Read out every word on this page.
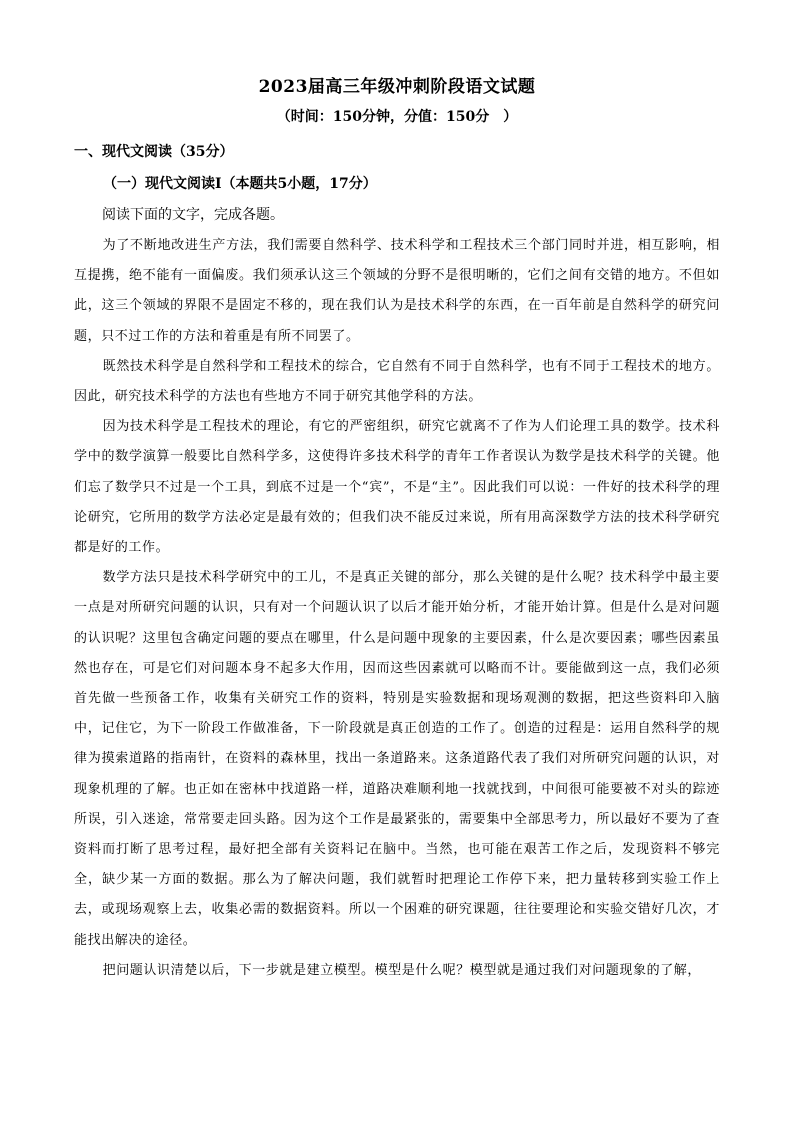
2023届高三年级冲刺阶段语文试题
（时间：150分钟，分值：150分　）
一、现代文阅读（35分）
（一）现代文阅读Ⅰ（本题共5小题，17分）
阅读下面的文字，完成各题。

为了不断地改进生产方法，我们需要自然科学、技术科学和工程技术三个部门同时并进，相互影响，相互提携，绝不能有一面偏废。我们须承认这三个领域的分野不是很明晰的，它们之间有交错的地方。不但如此，这三个领域的界限不是固定不移的，现在我们认为是技术科学的东西，在一百年前是自然科学的研究问题，只不过工作的方法和着重是有所不同罢了。

既然技术科学是自然科学和工程技术的综合，它自然有不同于自然科学，也有不同于工程技术的地方。因此，研究技术科学的方法也有些地方不同于研究其他学科的方法。

因为技术科学是工程技术的理论，有它的严密组织，研究它就离不了作为人们论理工具的数学。技术科学中的数学演算一般要比自然科学多，这使得许多技术科学的青年工作者误认为数学是技术科学的关键。他们忘了数学只不过是一个工具，到底不过是一个“宾”，不是“主”。因此我们可以说：一件好的技术科学的理论研究，它所用的数学方法必定是最有效的；但我们决不能反过来说，所有用高深数学方法的技术科学研究都是好的工作。

数学方法只是技术科学研究中的工儿，不是真正关键的部分，那么关键的是什么呢？技术科学中最主要一点是对所研究问题的认识，只有对一个问题认识了以后才能开始分析，才能开始计算。但是什么是对问题的认识呢？这里包含确定问题的要点在哪里，什么是问题中现象的主要因素，什么是次要因素；哪些因素虽然也存在，可是它们对问题本身不起多大作用，因而这些因素就可以略而不计。要能做到这一点，我们必须首先做一些预备工作，收集有关研究工作的资料，特别是实验数据和现场观测的数据，把这些资料印入脑中，记住它，为下一阶段工作做准备，下一阶段就是真正创造的工作了。创造的过程是：运用自然科学的规律为摸索道路的指南针，在资料的森林里，找出一条道路来。这条道路代表了我们对所研究问题的认识，对现象机理的了解。也正如在密林中找道路一样，道路决难顺利地一找就找到，中间很可能要被不对头的踪迹所误，引入迷途，常常要走回头路。因为这个工作是最紧张的，需要集中全部思考力，所以最好不要为了查资料而打断了思考过程，最好把全部有关资料记在脑中。当然，也可能在艰苦工作之后，发现资料不够完全，缺少某一方面的数据。那么为了解决问题，我们就暂时把理论工作停下来，把力量转移到实验工作上去，或现场观察上去，收集必需的数据资料。所以一个困难的研究课题，往往要理论和实验交错好几次，才能找出解决的途径。

把问题认识清楚以后，下一步就是建立模型。模型是什么呢？模型就是通过我们对问题现象的了解，
